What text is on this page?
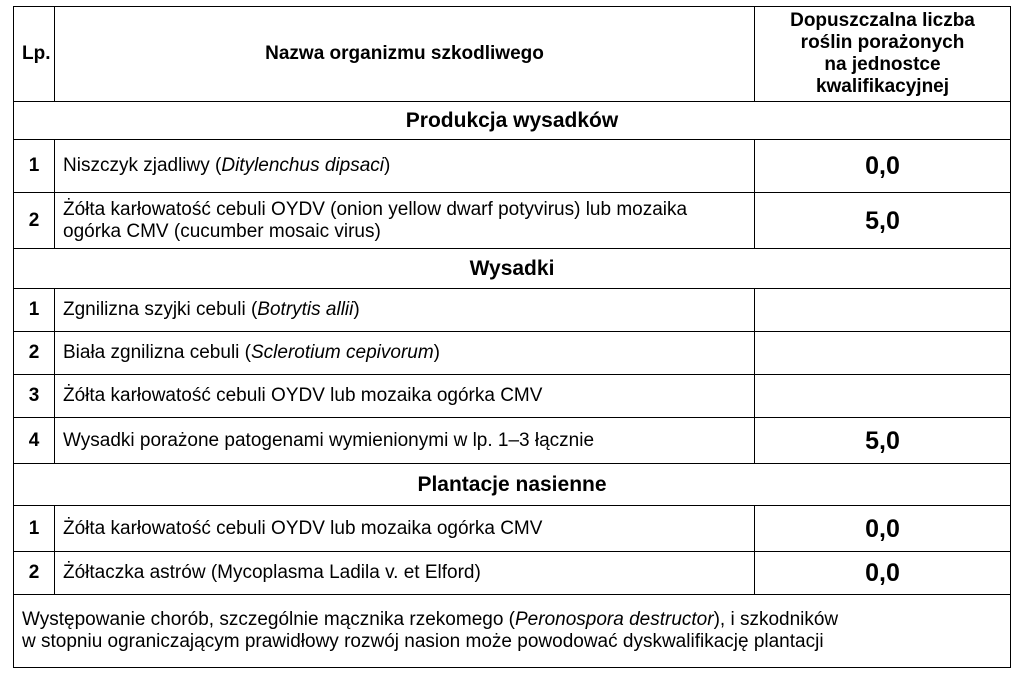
Lp.	Nazwa organizmu szkodliwego	Dopuszczalna liczba
roślin porażonych
na jednostce
kwalifikacyjnej
Produkcja wysadków		
1	Niszczyk zjadliwy (Ditylenchus dipsaci)	0,0
2	Żółta karłowatość cebuli OYDV (onion yellow dwarf potyvirus) lub mozaika
ogórka CMV (cucumber mosaic virus)	5,0
Wysadki		
1	Zgnilizna szyjki cebuli (Botrytis allii)	
2	Biała zgnilizna cebuli (Sclerotium cepivorum)	
3	Żółta karłowatość cebuli OYDV lub mozaika ogórka CMV	
4	Wysadki porażone patogenami wymienionymi w lp. 1–3 łącznie	5,0
Plantacje nasienne		
1	Żółta karłowatość cebuli OYDV lub mozaika ogórka CMV	0,0
2	Żółtaczka astrów (Mycoplasma Ladila v. et Elford)	0,0
Występowanie chorób, szczególnie mącznika rzekomego (Peronospora destructor), i szkodników
w stopniu ograniczającym prawidłowy rozwój nasion może powodować dyskwalifikację plantacji		
